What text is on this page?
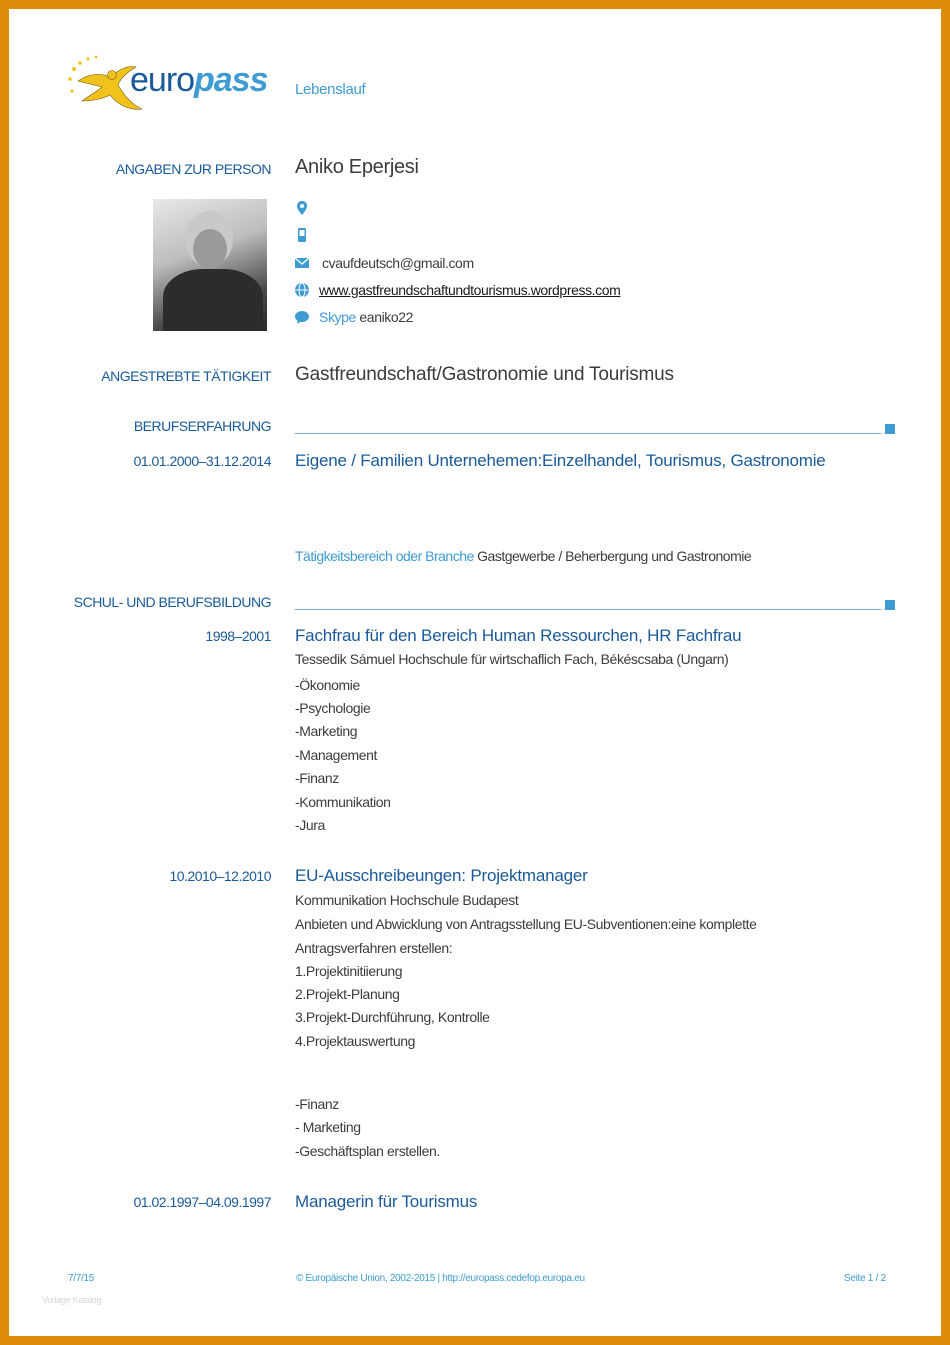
euro pass Lebenslauf
ANGABEN ZUR PERSON Aniko Eperjesi
cvaufdeutsch@gmail.com
www.gastfreundschaftundtourismus.wordpress.com
Skype eaniko22
ANGESTREBTE TÄTIGKEIT Gastfreundschaft/Gastronomie und Tourismus
BERUFSERFAHRUNG
01.01.2000–31.12.2014 Eigene / Familien Unternehemen:Einzelhandel, Tourismus, Gastronomie
Tätigkeitsbereich oder Branche Gastgewerbe / Beherbergung und Gastronomie
SCHUL- UND BERUFSBILDUNG
1998–2001 Fachfrau für den Bereich Human Ressourchen, HR Fachfrau
Tessedik Sámuel Hochschule für wirtschaflich Fach, Békéscsaba (Ungarn)
-Ökonomie
-Psychologie
-Marketing
-Management
-Finanz
-Kommunikation
-Jura
10.2010–12.2010 EU-Ausschreibeungen: Projektmanager
Kommunikation Hochschule Budapest
Anbieten und Abwicklung von Antragsstellung EU-Subventionen:eine komplette
Antragsverfahren erstellen:
1.Projektinitiierung
2.Projekt-Planung
3.Projekt-Durchführung, Kontrolle
4.Projektauswertung
-Finanz
- Marketing
-Geschäftsplan erstellen.
01.02.1997–04.09.1997 Managerin für Tourismus
7/7/15	© Europäische Union, 2002-2015 | http://europass.cedefop.europa.eu	Seite 1 / 2
Vorlage Katalog
